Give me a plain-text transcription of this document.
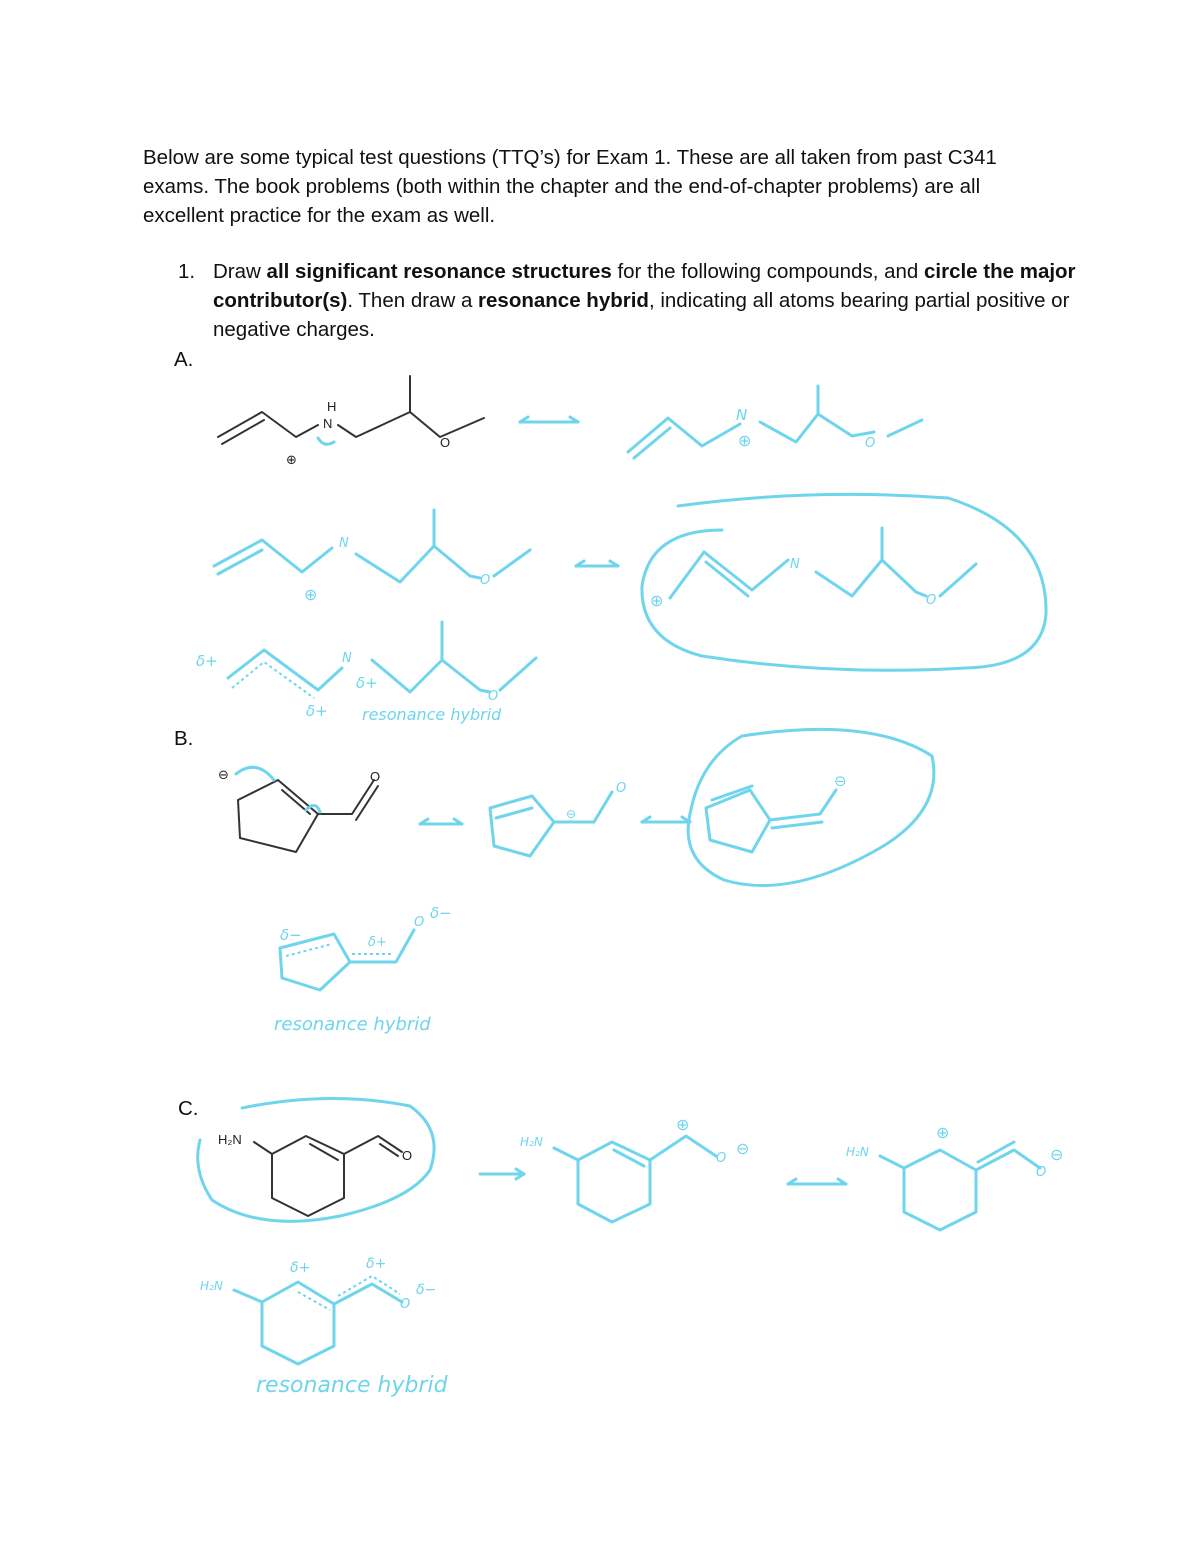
Below are some typical test questions (TTQ’s) for Exam 1. These are all taken from past C341 exams. The book problems (both within the chapter and the end-of-chapter problems) are all excellent practice for the exam as well.

1. Draw all significant resonance structures for the following compounds, and circle the major contributor(s). Then draw a resonance hybrid, indicating all atoms bearing partial positive or negative charges.

A.
B.
C.
H
N
O
⊕
N
⊕	O
⊕
N
O
⊕
N
O
δ+	N
δ+
δ+
O
resonance hybrid
O
⊖
⊖
O	⊖
δ−	δ+
O
δ−
resonance hybrid
H₂N
O
H₂N
⊕
O
⊖	H₂N
⊕
O
⊖
H₂N
δ+	δ+
O
δ−
resonance hybrid
